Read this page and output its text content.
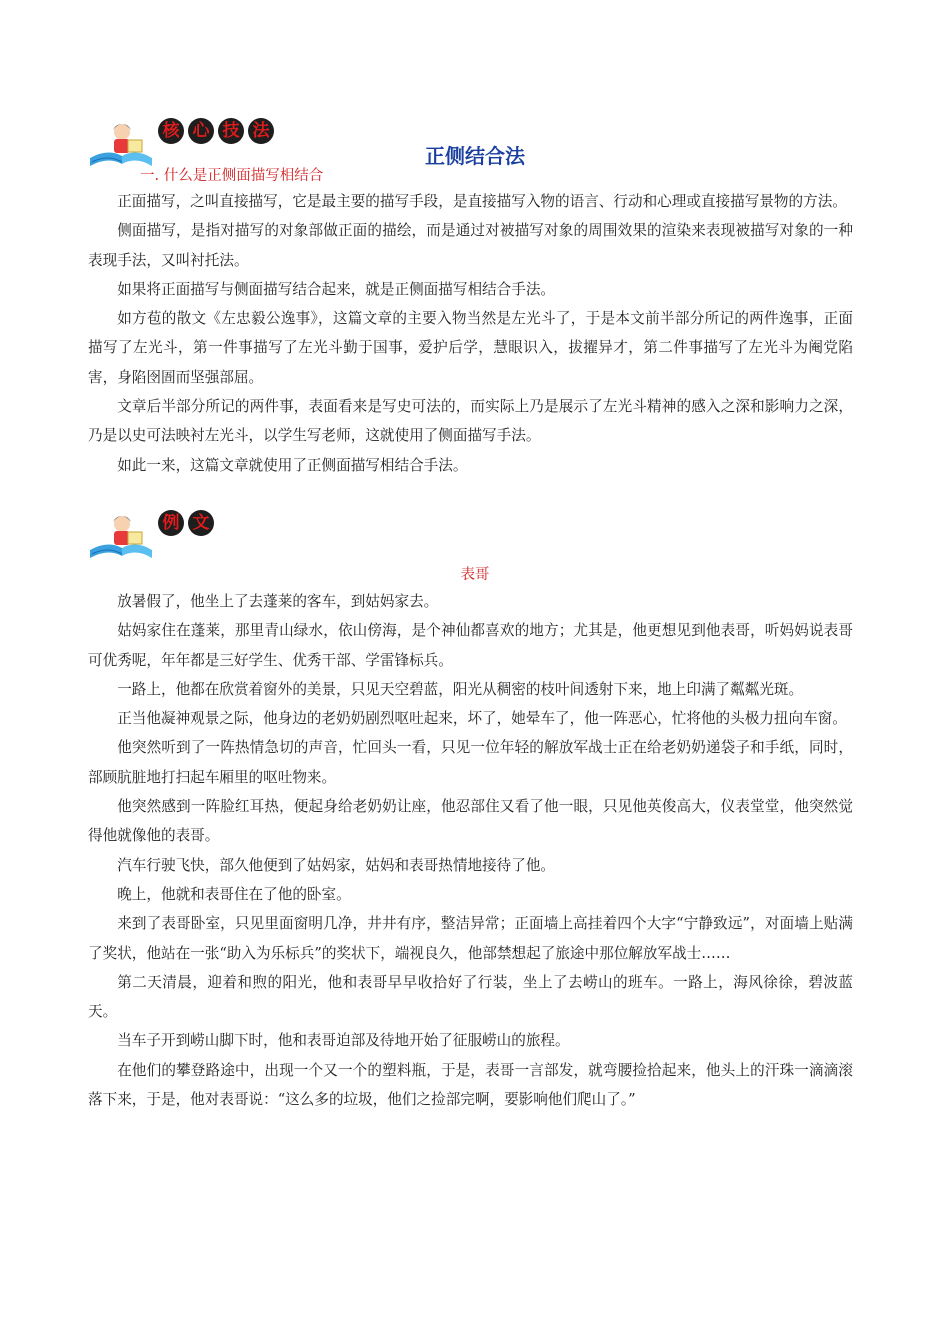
核 心 技 法
正侧结合法
一. 什么是正侧面描写相结合

正面描写，之叫直接描写，它是最主要的描写手段，是直接描写入物的语言、行动和心理或直接描写景物的方法。

侧面描写，是指对描写的对象部做正面的描绘，而是通过对被描写对象的周围效果的渲染来表现被描写对象的一种表现手法，又叫衬托法。

如果将正面描写与侧面描写结合起来，就是正侧面描写相结合手法。

如方苞的散文《左忠毅公逸事》，这篇文章的主要入物当然是左光斗了，于是本文前半部分所记的两件逸事，正面描写了左光斗，第一件事描写了左光斗勤于国事，爱护后学，慧眼识入，拔擢异才，第二件事描写了左光斗为阉党陷害，身陷囹圄而坚强部屈。

文章后半部分所记的两件事，表面看来是写史可法的，而实际上乃是展示了左光斗精神的感入之深和影响力之深，乃是以史可法映衬左光斗，以学生写老师，这就使用了侧面描写手法。

如此一来，这篇文章就使用了正侧面描写相结合手法。

例 文
表哥

放暑假了，他坐上了去蓬莱的客车，到姑妈家去。

姑妈家住在蓬莱，那里青山绿水，依山傍海，是个神仙都喜欢的地方；尤其是，他更想见到他表哥，听妈妈说表哥可优秀呢，年年都是三好学生、优秀干部、学雷锋标兵。

一路上，他都在欣赏着窗外的美景，只见天空碧蓝，阳光从稠密的枝叶间透射下来，地上印满了粼粼光斑。

正当他凝神观景之际，他身边的老奶奶剧烈呕吐起来，坏了，她晕车了，他一阵恶心，忙将他的头极力扭向车窗。

他突然听到了一阵热情急切的声音，忙回头一看，只见一位年轻的解放军战士正在给老奶奶递袋子和手纸，同时，部顾肮脏地打扫起车厢里的呕吐物来。

他突然感到一阵脸红耳热，便起身给老奶奶让座，他忍部住又看了他一眼，只见他英俊高大，仪表堂堂，他突然觉得他就像他的表哥。

汽车行驶飞快，部久他便到了姑妈家，姑妈和表哥热情地接待了他。

晚上，他就和表哥住在了他的卧室。

来到了表哥卧室，只见里面窗明几净，井井有序，整洁异常；正面墙上高挂着四个大字“宁静致远”，对面墙上贴满了奖状，他站在一张“助入为乐标兵”的奖状下，端视良久，他部禁想起了旅途中那位解放军战士……

第二天清晨，迎着和煦的阳光，他和表哥早早收拾好了行装，坐上了去崂山的班车。一路上，海风徐徐，碧波蓝天。

当车子开到崂山脚下时，他和表哥迫部及待地开始了征服崂山的旅程。

在他们的攀登路途中，出现一个又一个的塑料瓶，于是，表哥一言部发，就弯腰捡拾起来，他头上的汗珠一滴滴滚落下来，于是，他对表哥说：“这么多的垃圾，他们之捡部完啊，要影响他们爬山了。”
